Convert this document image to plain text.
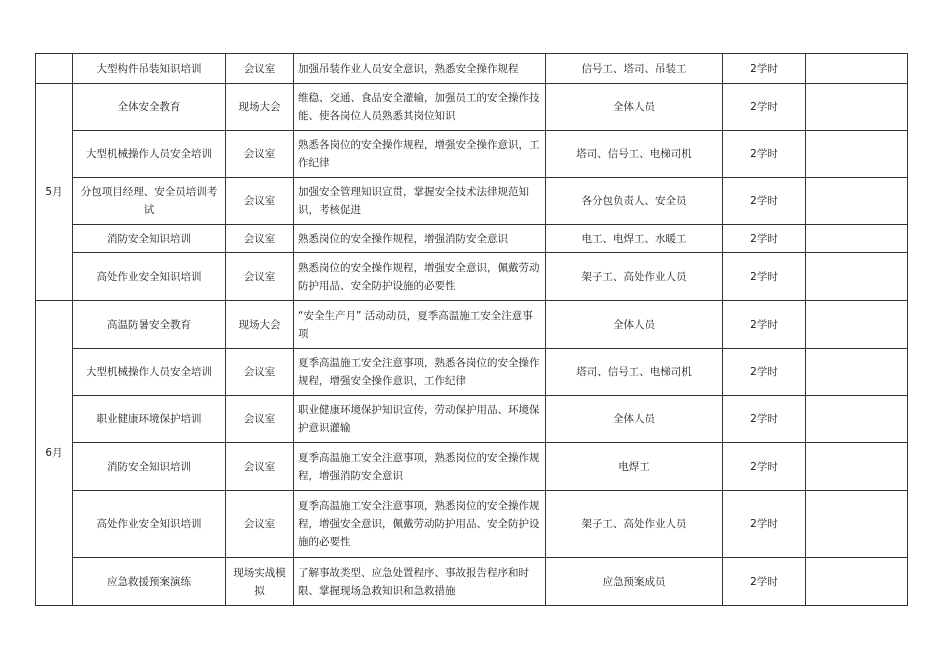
	大型构件吊装知识培训	会议室	加强吊装作业人员安全意识，熟悉安全操作规程	信号工、塔司、吊装工	2学时	
5月	全体安全教育	现场大会	维稳、交通、食品安全灌输，加强员工的安全操作技能、使各岗位人员熟悉其岗位知识	全体人员	2学时	
	大型机械操作人员安全培训	会议室	熟悉各岗位的安全操作规程，增强安全操作意识，工作纪律	塔司、信号工、电梯司机	2学时	
	分包项目经理、安全员培训考试	会议室	加强安全管理知识宣贯，掌握安全技术法律规范知识，考核促进	各分包负责人、安全员	2学时	
	消防安全知识培训	会议室	熟悉岗位的安全操作规程，增强消防安全意识	电工、电焊工、水暖工	2学时	
	高处作业安全知识培训	会议室	熟悉岗位的安全操作规程，增强安全意识，佩戴劳动防护用品、安全防护设施的必要性	架子工、高处作业人员	2学时	
6月	高温防暑安全教育	现场大会	“安全生产月” 活动动员，夏季高温施工安全注意事项	全体人员	2学时	
	大型机械操作人员安全培训	会议室	夏季高温施工安全注意事项，熟悉各岗位的安全操作规程，增强安全操作意识，工作纪律	塔司、信号工、电梯司机	2学时	
	职业健康环境保护培训	会议室	职业健康环境保护知识宣传，劳动保护用品、环境保护意识灌输	全体人员	2学时	
	消防安全知识培训	会议室	夏季高温施工安全注意事项，熟悉岗位的安全操作规程，增强消防安全意识	电焊工	2学时	
	高处作业安全知识培训	会议室	夏季高温施工安全注意事项，熟悉岗位的安全操作规程，增强安全意识，佩戴劳动防护用品、安全防护设施的必要性	架子工、高处作业人员	2学时	
	应急救援预案演练	现场实战模拟	了解事故类型、应急处置程序、事故报告程序和时限、掌握现场急救知识和急救措施	应急预案成员	2学时	
